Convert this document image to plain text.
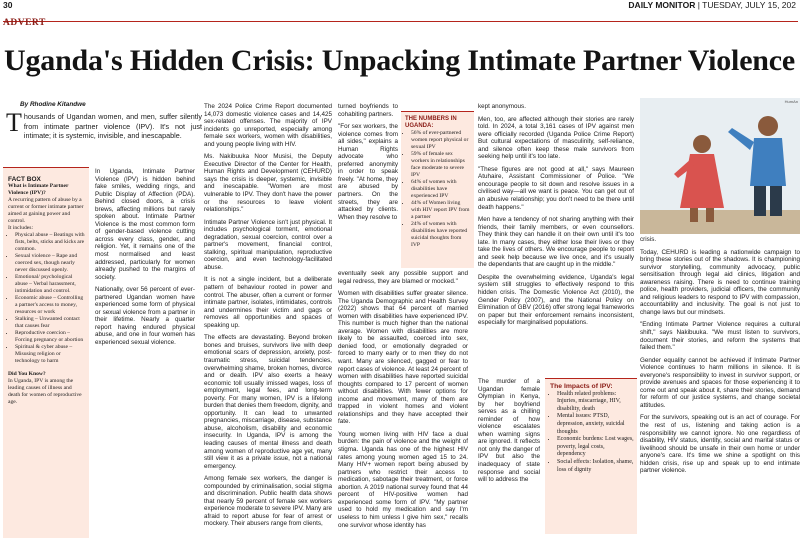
30	DAILY MONITOR | TUESDAY, JULY 15, 202
ADVERT
Uganda's Hidden Crisis: Unpacking Intimate Partner Violence
By Rhodine Kitandwe
Thousands of Ugandan women, and men, suffer silently from intimate partner violence (IPV). It's not just intimate; it is systemic, invisible, and inescapable.
FACT BOX
What is Intimate Partner Violence (IPV)?
A recurring pattern of abuse by a current or former intimate partner aimed at gaining power and control.
It includes:
• Physical abuse – Beatings with fists, belts, sticks and kicks are common.
• Sexual violence – Rape and coerced sex, though nearly never discussed openly.
• Emotional/ psychological abuse – Verbal harassment, intimidation and control.
• Economic abuse – Controlling a partner's access to money, resources or work
• Stalking – Unwanted contact that causes fear
• Reproductive coercion – Forcing pregnancy or abortion
• Spiritual & cyber abuse – Misusing religion or technology to harm
Did You Know?
In Uganda, IPV is among the leading causes of illness and death for women of reproductive age.

In Uganda, Intimate Partner Violence (IPV) is hidden behind fake smiles, wedding rings, and Public Display of Affection (PDA). Behind closed doors, a crisis brews, affecting millions but rarely spoken about. Intimate Partner Violence is the most common form of gender-based violence cutting across every class, gender, and religion. Yet, it remains one of the most normalised and least addressed, particularly for women already pushed to the margins of society.

Nationally, over 56 percent of ever-partnered Ugandan women have experienced some form of physical or sexual violence from a partner in their lifetime. Nearly a quarter report having endured physical abuse, and one in four women has experienced sexual violence.

The 2024 Police Crime Report documented 14,073 domestic violence cases and 14,425 sex-related offenses. The majority of IPV incidents go unreported, especially among female sex workers, women with disabilities, and young people living with HIV.

Ms. Nakibuuka Noor Musisi, the Deputy Executive Director of the Center for Health, Human Rights and Development (CEHURD) says the crisis is deeper, systemic, invisible and inescapable. "Women are most vulnerable to IPV. They don't have the power or the resources to leave violent relationships."

Intimate Partner Violence isn't just physical. It includes psychological torment, emotional degradation, sexual coercion, control over a partner's movement, financial control, stalking, spiritual manipulation, reproductive coercion, and even technology-facilitated abuse.

It is not a single incident, but a deliberate pattern of behaviour rooted in power and control. The abuser, often a current or former intimate partner, isolates, intimidates, controls and undermines their victim and gags or removes all opportunities and spaces of speaking up.

The effects are devastating. Beyond broken bones and bruises, survivors live with deep emotional scars of depression, anxiety, post-traumatic stress, suicidal tendencies, overwhelming shame, broken homes, divorce and or death. IPV also exerts a heavy economic toll usually imissed wages, loss of employment, legal fees, and long-term poverty. For many women, IPV is a lifelong burden that denies them freedom, dignity, and opportunity. It can lead to unwanted pregnancies, miscarriage, disease, substance abuse, alcoholism, disability and economic insecurity. In Uganda, IPV is among the leading causes of mental illness and death among women of reproductive age yet, many still view it as a private issue, not a national emergency.

Among female sex workers, the danger is compounded by criminalisation, social stigma and discrimination. Public health data shows that nearly 59 percent of female sex workers experience moderate to severe IPV. Many are afraid to report abuse for fear of arrest or mockery. Their abusers range from clients,

turned boyfriends to cohabiting partners.

"For sex workers, the violence comes from all sides," explains a Human Rights advocate who preferred anonymity in order to speak freely. "At home, they are abused by partners. On the streets, they are attacked by clients. When they resolve to

THE NUMBERS IN UGANDA:
• 56% of ever-partnered women report physical or sexual IPV
• 59% of female sex workers in relationships face moderate to severe IPV
• 64% of women with disabilities have experienced IPV
• 44% of Women living with HIV report IPV from a partner
• 24% of women with disabilities have reported suicidal thoughts from IVP

eventually seek any possible support and legal redress, they are blamed or mocked."

Women with disabilities suffer greater silence. The Uganda Demographic and Health Survey (2022) shows that 64 percent of married women with disabilities have experienced IPV. This number is much higher than the national average. Women with disabilities are more likely to be assaulted, coerced into sex, denied food, or emotionally degraded or forced to marry early or to men they do not want. Many are silenced, gagged or fear to report cases of violence. At least 24 percent of women with disabilities have reported suicidal thoughts compared to 17 percent of women without disabilities. With fewer options for income and movement, many of them are trapped in violent homes and violent relationships and they have accepted their fate.

Young women living with HIV face a dual burden: the pain of violence and the weight of stigma. Uganda has one of the highest HIV rates among young women aged 15 to 24. Many HIV+ women report being abused by partners who restrict their access to medication, sabotage their treatment, or force abortion. A 2019 national survey found that 44 percent of HIV-positive women had experienced some form of IPV. "My partner used to hold my medication and say I'm useless to him unless I give him sex," recalls one survivor whose identity has

kept anonymous.

Men, too, are affected although their stories are rarely told. In 2024, a total 3,161 cases of IPV against men were officially recorded (Uganda Police Crime Report) But cultural expectations of masculinity, self-reliance, and silence often keep these male survivors from seeking help until it's too late.

"These figures are not good at all," says Maureen Atuhaire, Assistant Commissioner of Police. "We encourage people to sit down and resolve issues in a civilised way—all we want is peace. You can get out of an abusive relationship; you don't need to be there until death happens."

Men have a tendency of not sharing anything with their friends, their family members, or even counsellors. They think they can handle it on their own until it's too late. In many cases, they either lose their lives or they take the lives of others. We encourage people to report and seek help because we live once, and it's usually the dependants that are caught up in the middle."

Despite the overwhelming evidence, Uganda's legal system still struggles to effectively respond to this hidden crisis. The Domestic Violence Act (2010), the Gender Policy (2007), and the National Policy on Elimination of GBV (2016) offer strong legal frameworks on paper but their enforcement remains inconsistent, especially for marginalised populations.

The murder of a Ugandan female Olympian in Kenya, by her boyfriend serves as a chilling reminder of how violence escalates when warning signs are ignored. It reflects not only the danger of IPV but also the inadequacy of state response and social will to address the

The Impacts of IPV:
• Health related problems: Injuries, miscarriage, HIV, disability, death
• Mental issues: PTSD, depression, anxiety, suicidal thoughts
• Economic burdens: Lost wages, poverty, legal costs, dependency
• Social effects: Isolation, shame, loss of dignity
HumAn

crisis.

Today, CEHURD is leading a nationwide campaign to bring these stories out of the shadows. It is championing survivor storytelling, community advocacy, public sensitisation through legal aid clinics, litigation and awareness raising. There is need to continue training police, health providers, judicial officers, the community and religious leaders to respond to IPV with compassion, accountability and inclusivity. The goal is not just to change laws but our mindsets.

"Ending Intimate Partner Violence requires a cultural shift," says Nakibuuka. "We must listen to survivors, document their stories, and reform the systems that failed them."

Gender equality cannot be achieved if Intimate Partner Violence continues to harm millions in silence. It is everyone's responsibility to invest in survivor support, or provide avenues and spaces for those experiencing it to come out and speak about it, share their stories, demand for reform of our justice systems, and change societal attitudes.

For the survivors, speaking out is an act of courage. For the rest of us, listening and taking action is a responsibility we cannot ignore. No one regardless of disability, HIV status, identity, social and marital status or livelihood should be unsafe in their own home or under anyone's care. It's time we shine a spotlight on this hidden crisis, rise up and speak up to end intimate partner violence.
